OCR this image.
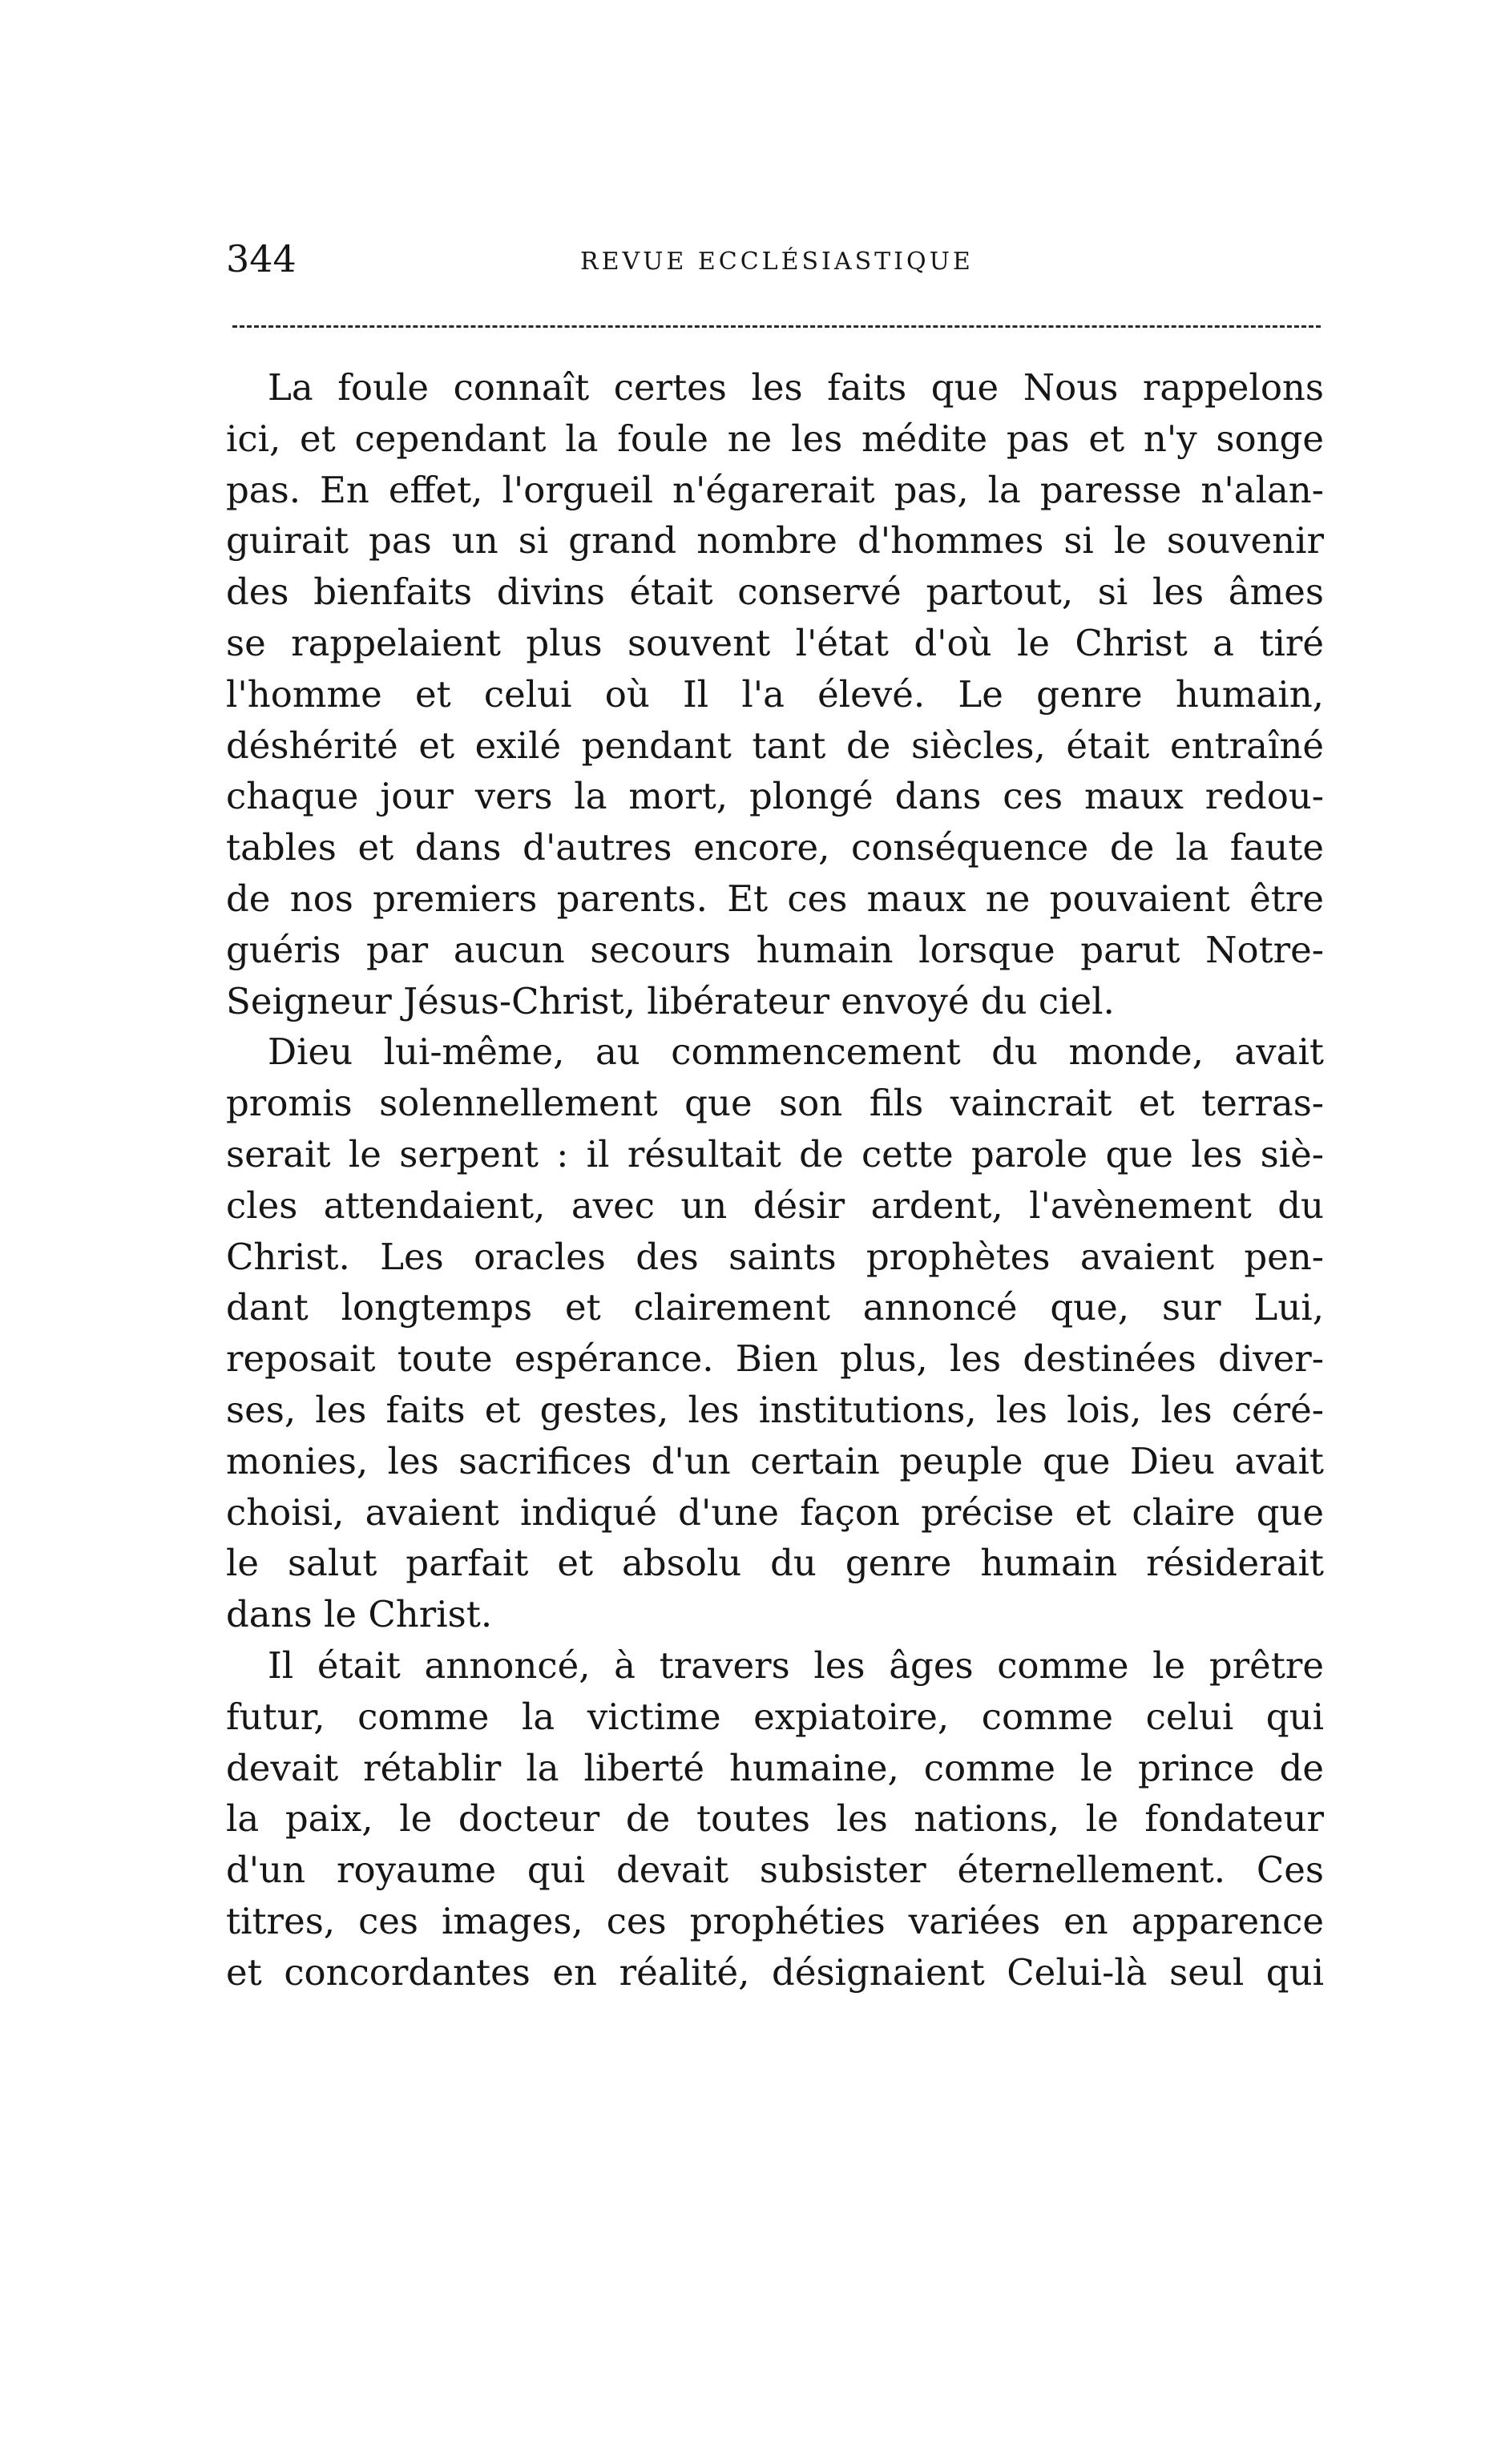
344	REVUE ECCLÉSIASTIQUE
La foule connaît certes les faits que Nous rappelons
ici, et cependant la foule ne les médite pas et n'y songe
pas. En effet, l'orgueil n'égarerait pas, la paresse n'alan-
guirait pas un si grand nombre d'hommes si le souvenir
des bienfaits divins était conservé partout, si les âmes
se rappelaient plus souvent l'état d'où le Christ a tiré
l'homme et celui où Il l'a élevé. Le genre humain,
déshérité et exilé pendant tant de siècles, était entraîné
chaque jour vers la mort, plongé dans ces maux redou-
tables et dans d'autres encore, conséquence de la faute
de nos premiers parents. Et ces maux ne pouvaient être
guéris par aucun secours humain lorsque parut Notre-
Seigneur Jésus-Christ, libérateur envoyé du ciel.
Dieu lui-même, au commencement du monde, avait
promis solennellement que son fils vaincrait et terras-
serait le serpent : il résultait de cette parole que les siè-
cles attendaient, avec un désir ardent, l'avènement du
Christ. Les oracles des saints prophètes avaient pen-
dant longtemps et clairement annoncé que, sur Lui,
reposait toute espérance. Bien plus, les destinées diver-
ses, les faits et gestes, les institutions, les lois, les céré-
monies, les sacrifices d'un certain peuple que Dieu avait
choisi, avaient indiqué d'une façon précise et claire que
le salut parfait et absolu du genre humain résiderait
dans le Christ.
Il était annoncé, à travers les âges comme le prêtre
futur, comme la victime expiatoire, comme celui qui
devait rétablir la liberté humaine, comme le prince de
la paix, le docteur de toutes les nations, le fondateur
d'un royaume qui devait subsister éternellement. Ces
titres, ces images, ces prophéties variées en apparence
et concordantes en réalité, désignaient Celui-là seul qui
